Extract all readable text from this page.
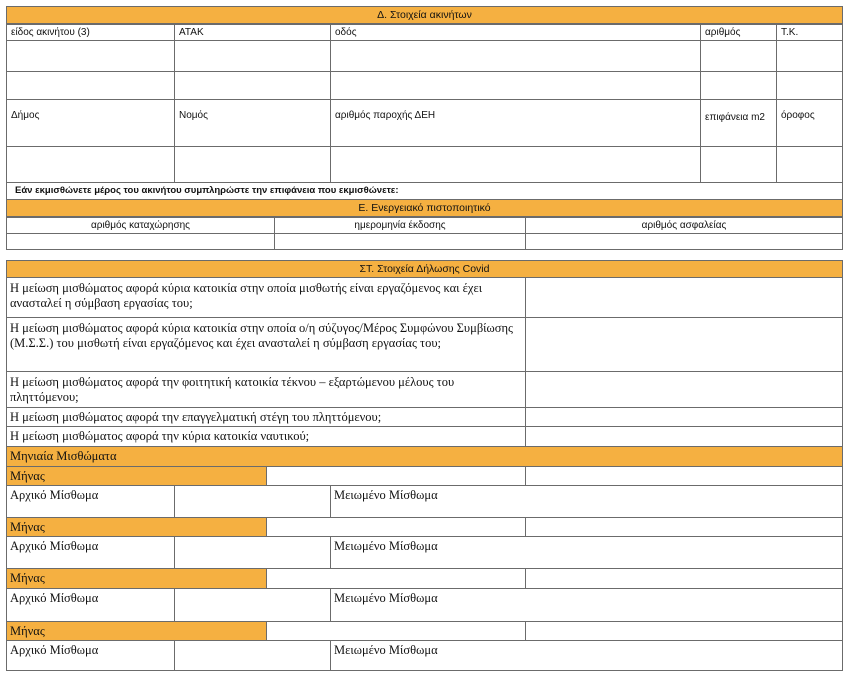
Δ. Στοιχεία ακινήτων
είδος ακινήτου (3)	ΑΤΑΚ	οδός	αριθμός	Τ.Κ.
Δήμος	Νομός	αριθμός παροχής ΔΕΗ	επιφάνεια m2	όροφος
Εάν εκμισθώνετε μέρος του ακινήτου συμπληρώστε την επιφάνεια που εκμισθώνετε:
Ε. Ενεργειακό πιστοποιητικό
αριθμός καταχώρησης	ημερομηνία έκδοσης	αριθμός ασφαλείας
ΣΤ. Στοιχεία Δήλωσης Covid
Η μείωση μισθώματος αφορά κύρια κατοικία στην οποία μισθωτής είναι εργαζόμενος και έχει ανασταλεί η σύμβαση εργασίας του;
Η μείωση μισθώματος αφορά κύρια κατοικία στην οποία ο/η σύζυγος/Μέρος Συμφώνου Συμβίωσης (Μ.Σ.Σ.) του μισθωτή είναι εργαζόμενος και έχει ανασταλεί η σύμβαση εργασίας του;
Η μείωση μισθώματος αφορά την φοιτητική κατοικία τέκνου – εξαρτώμενου μέλους του πληττόμενου;
Η μείωση μισθώματος αφορά την επαγγελματική στέγη του πληττόμενου;
Η μείωση μισθώματος αφορά την κύρια κατοικία ναυτικού;
Μηνιαία Μισθώματα
Μήνας
Αρχικό Μίσθωμα	Μειωμένο Μίσθωμα
Μήνας
Αρχικό Μίσθωμα	Μειωμένο Μίσθωμα
Μήνας
Αρχικό Μίσθωμα	Μειωμένο Μίσθωμα
Μήνας
Αρχικό Μίσθωμα	Μειωμένο Μίσθωμα
